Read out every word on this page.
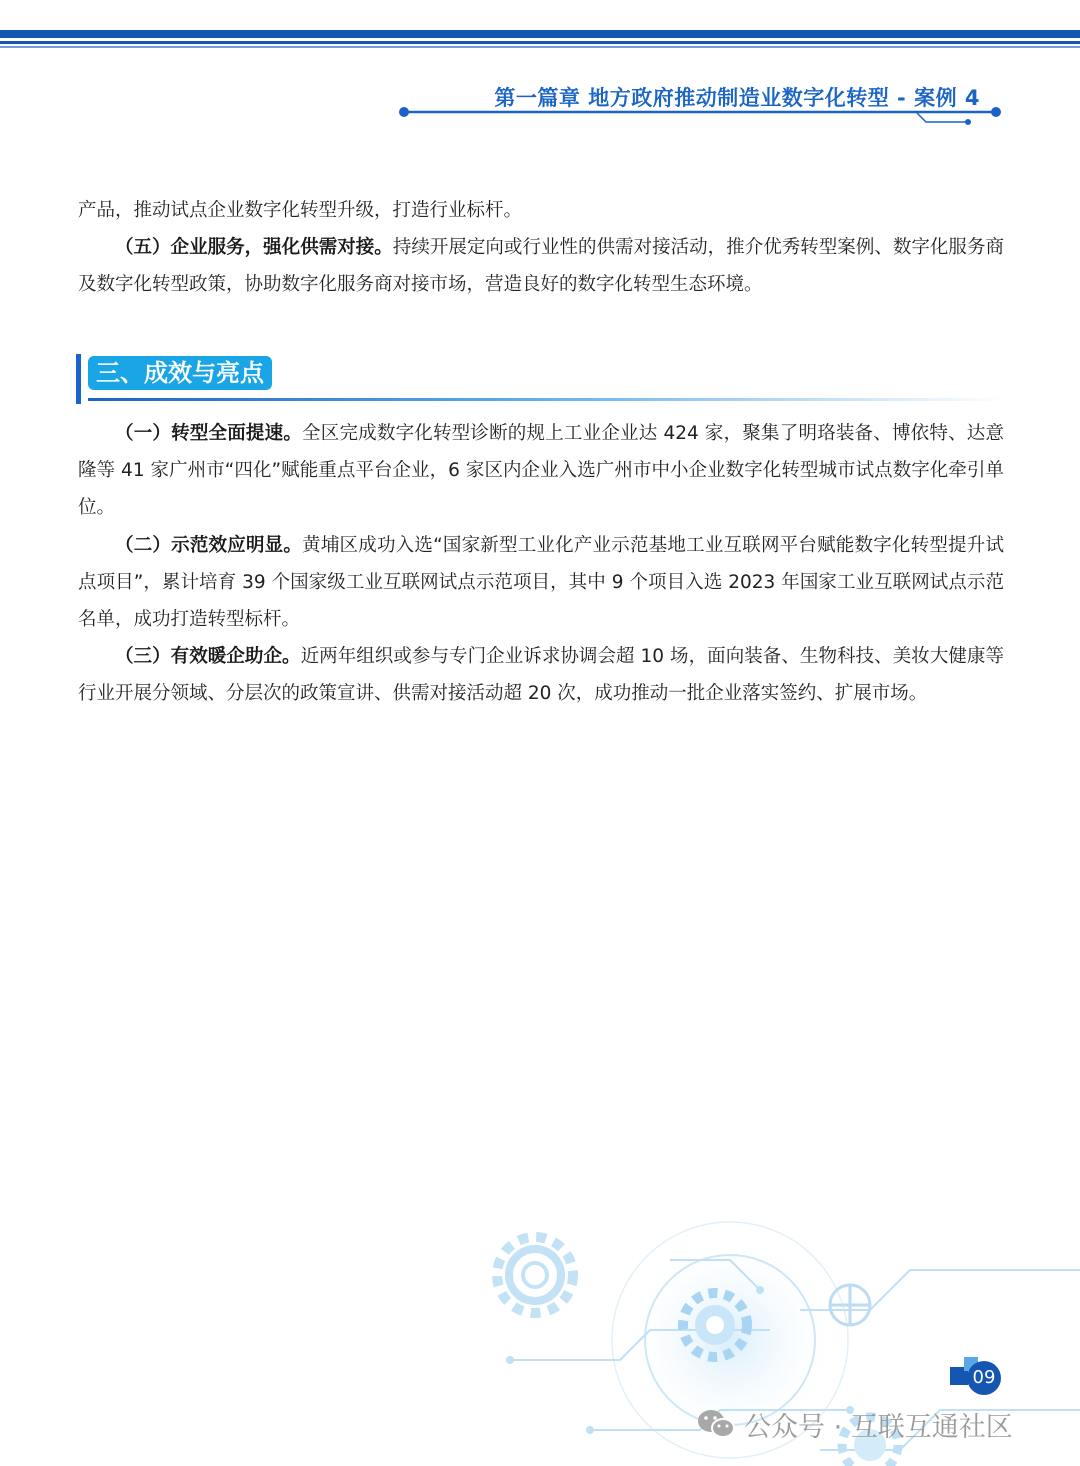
第一篇章 地方政府推动制造业数字化转型 - 案例 4
产品，推动试点企业数字化转型升级，打造行业标杆。
（五）企业服务，强化供需对接。持续开展定向或行业性的供需对接活动，推介优秀转型案例、数字化服务商及数字化转型政策，协助数字化服务商对接市场，营造良好的数字化转型生态环境。
三、成效与亮点
（一）转型全面提速。全区完成数字化转型诊断的规上工业企业达 424 家，聚集了明珞装备、博依特、达意隆等 41 家广州市“四化”赋能重点平台企业，6 家区内企业入选广州市中小企业数字化转型城市试点数字化牵引单位。
（二）示范效应明显。黄埔区成功入选“国家新型工业化产业示范基地工业互联网平台赋能数字化转型提升试点项目”，累计培育 39 个国家级工业互联网试点示范项目，其中 9 个项目入选 2023 年国家工业互联网试点示范名单，成功打造转型标杆。
（三）有效暖企助企。近两年组织或参与专门企业诉求协调会超 10 场，面向装备、生物科技、美妆大健康等行业开展分领域、分层次的政策宣讲、供需对接活动超 20 次，成功推动一批企业落实签约、扩展市场。
09
公众号 · 互联互通社区
